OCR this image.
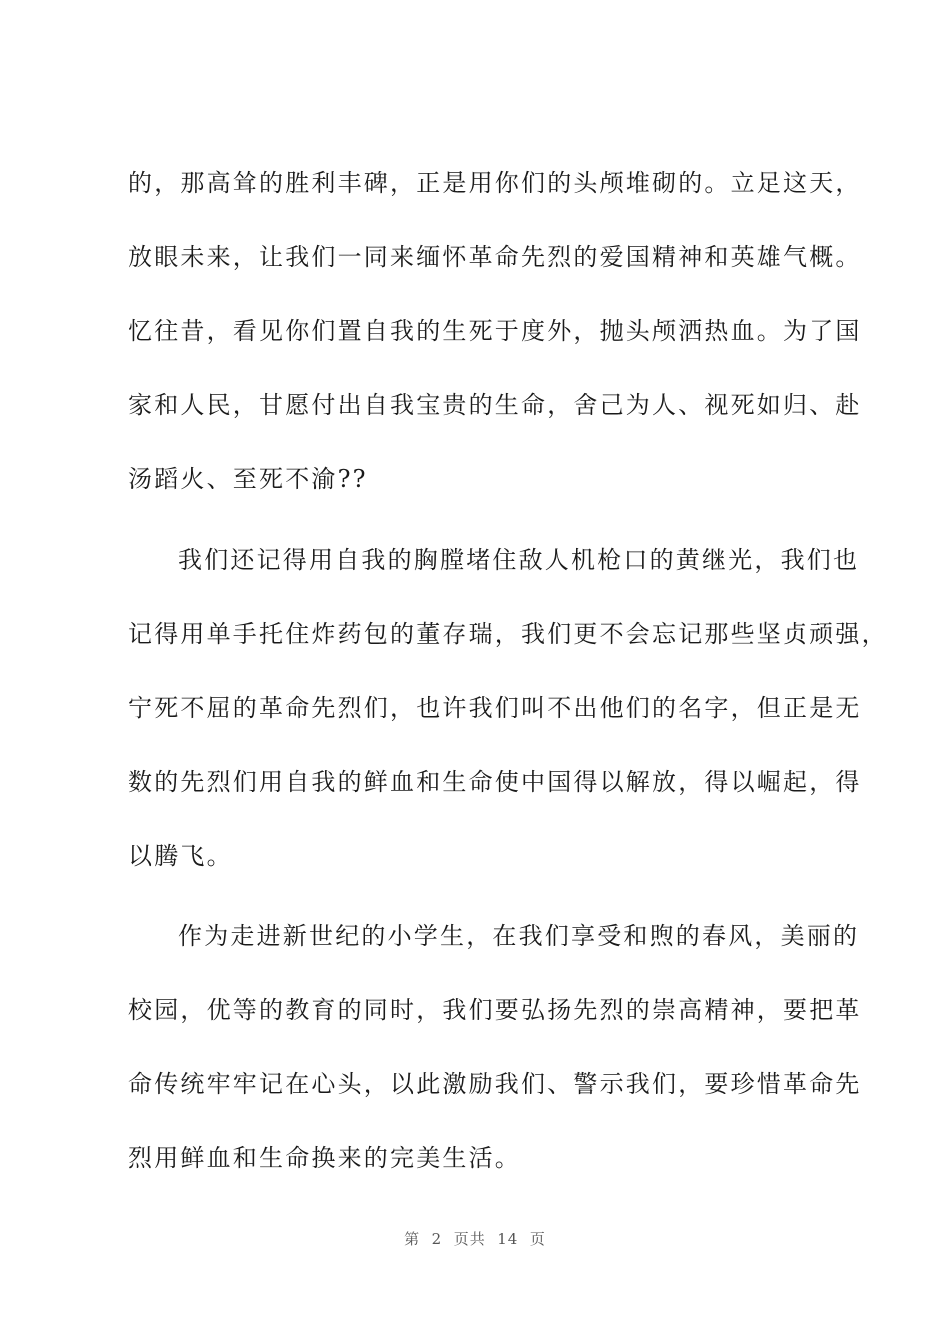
的，那高耸的胜利丰碑，正是用你们的头颅堆砌的。立足这天，
放眼未来，让我们一同来缅怀革命先烈的爱国精神和英雄气概。
忆往昔，看见你们置自我的生死于度外，抛头颅洒热血。为了国
家和人民，甘愿付出自我宝贵的生命，舍己为人、视死如归、赴
汤蹈火、至死不渝??
我们还记得用自我的胸膛堵住敌人机枪口的黄继光，我们也
记得用单手托住炸药包的董存瑞，我们更不会忘记那些坚贞顽强，
宁死不屈的革命先烈们，也许我们叫不出他们的名字，但正是无
数的先烈们用自我的鲜血和生命使中国得以解放，得以崛起，得
以腾飞。
作为走进新世纪的小学生，在我们享受和煦的春风，美丽的
校园，优等的教育的同时，我们要弘扬先烈的崇高精神，要把革
命传统牢牢记在心头，以此激励我们、警示我们，要珍惜革命先
烈用鲜血和生命换来的完美生活。
第  2  页共  14  页
